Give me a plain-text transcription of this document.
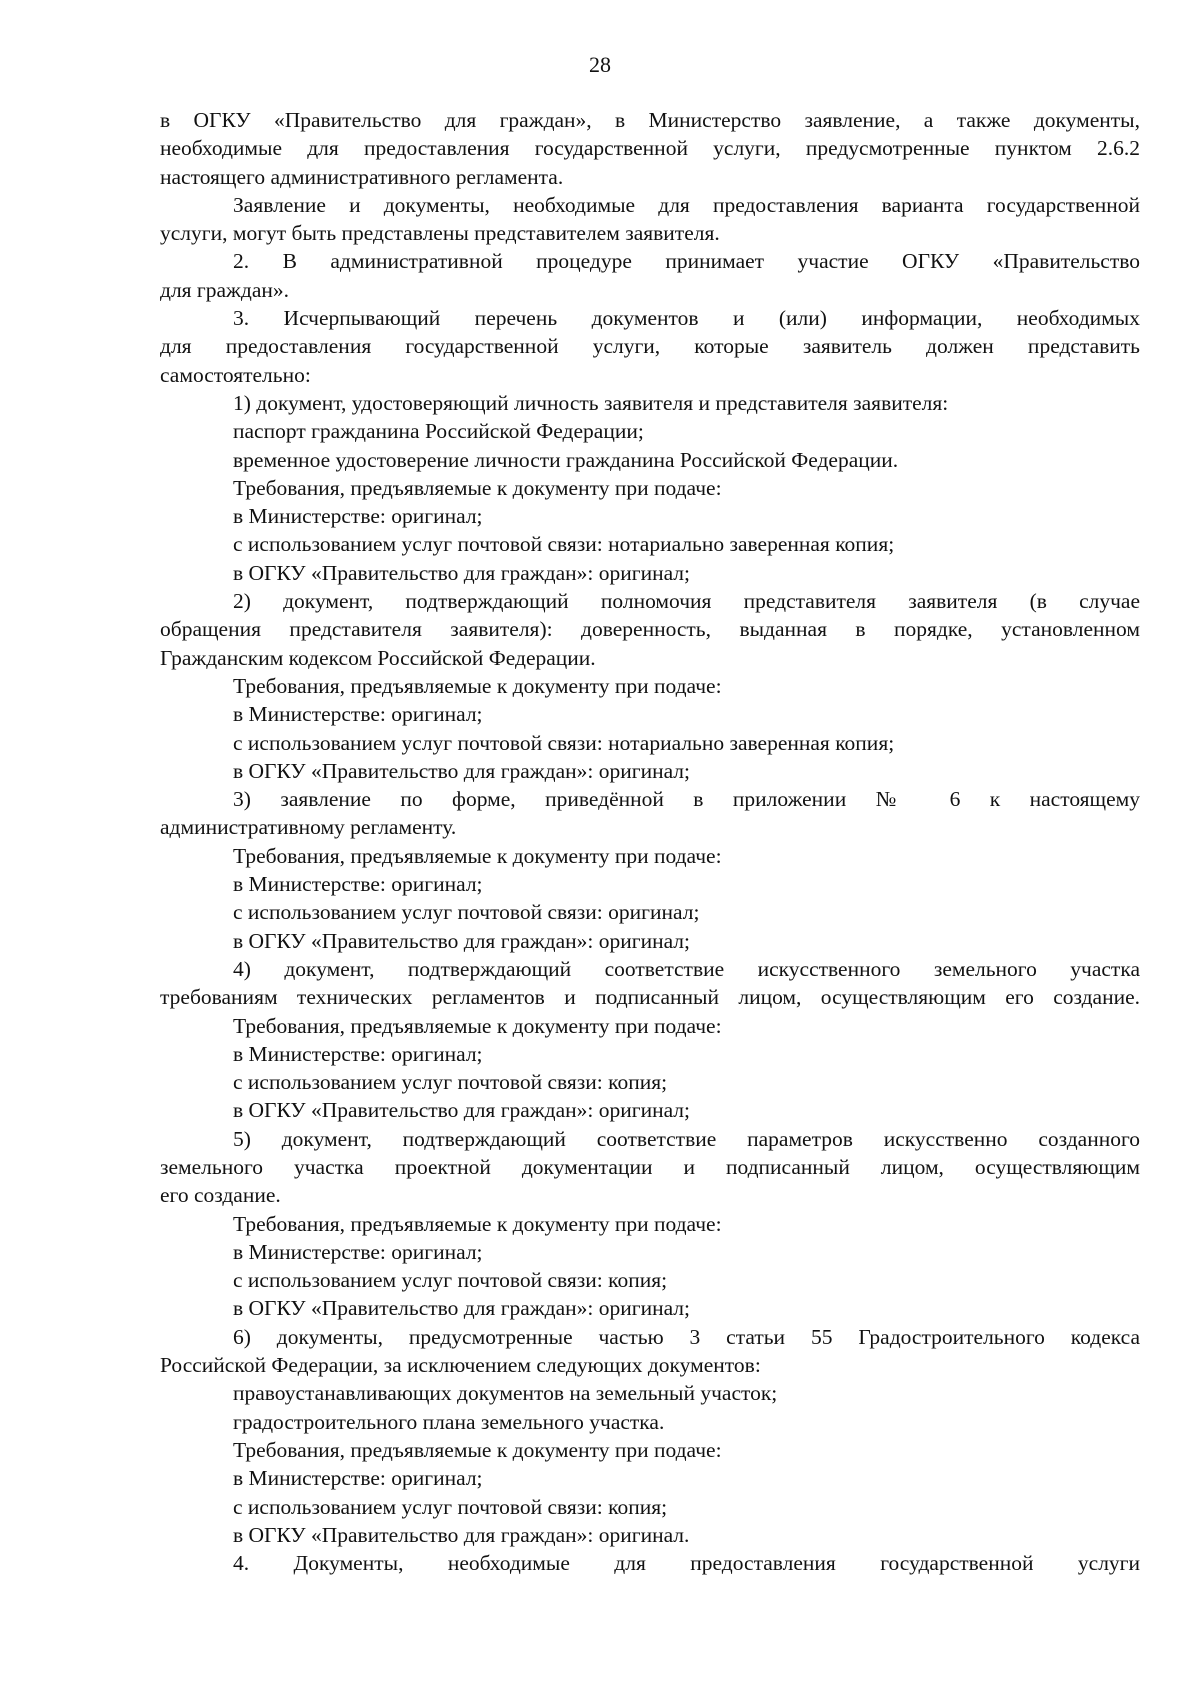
28

в ОГКУ «Правительство для граждан», в Министерство заявление, а также документы,

необходимые для предоставления государственной услуги, предусмотренные пунктом 2.6.2

настоящего административного регламента.

Заявление и документы, необходимые для предоставления варианта государственной

услуги, могут быть представлены представителем заявителя.

2. В административной процедуре принимает участие ОГКУ «Правительство

для граждан».

3. Исчерпывающий перечень документов и (или) информации, необходимых

для предоставления государственной услуги, которые заявитель должен представить

самостоятельно:

1) документ, удостоверяющий личность заявителя и представителя заявителя:

паспорт гражданина Российской Федерации;

временное удостоверение личности гражданина Российской Федерации.

Требования, предъявляемые к документу при подаче:

в Министерстве: оригинал;

с использованием услуг почтовой связи: нотариально заверенная копия;

в ОГКУ «Правительство для граждан»: оригинал;

2) документ, подтверждающий полномочия представителя заявителя (в случае

обращения представителя заявителя): доверенность, выданная в порядке, установленном

Гражданским кодексом Российской Федерации.

Требования, предъявляемые к документу при подаче:

в Министерстве: оригинал;

с использованием услуг почтовой связи: нотариально заверенная копия;

в ОГКУ «Правительство для граждан»: оригинал;

3) заявление по форме, приведённой в приложении № 6 к настоящему

административному регламенту.

Требования, предъявляемые к документу при подаче:

в Министерстве: оригинал;

с использованием услуг почтовой связи: оригинал;

в ОГКУ «Правительство для граждан»: оригинал;

4) документ, подтверждающий соответствие искусственного земельного участка

требованиям технических регламентов и подписанный лицом, осуществляющим его создание.

Требования, предъявляемые к документу при подаче:

в Министерстве: оригинал;

с использованием услуг почтовой связи: копия;

в ОГКУ «Правительство для граждан»: оригинал;

5) документ, подтверждающий соответствие параметров искусственно созданного

земельного участка проектной документации и подписанный лицом, осуществляющим

его создание.

Требования, предъявляемые к документу при подаче:

в Министерстве: оригинал;

с использованием услуг почтовой связи: копия;

в ОГКУ «Правительство для граждан»: оригинал;

6) документы, предусмотренные частью 3 статьи 55 Градостроительного кодекса

Российской Федерации, за исключением следующих документов:

правоустанавливающих документов на земельный участок;

градостроительного плана земельного участка.

Требования, предъявляемые к документу при подаче:

в Министерстве: оригинал;

с использованием услуг почтовой связи: копия;

в ОГКУ «Правительство для граждан»: оригинал.

4. Документы, необходимые для предоставления государственной услуги
